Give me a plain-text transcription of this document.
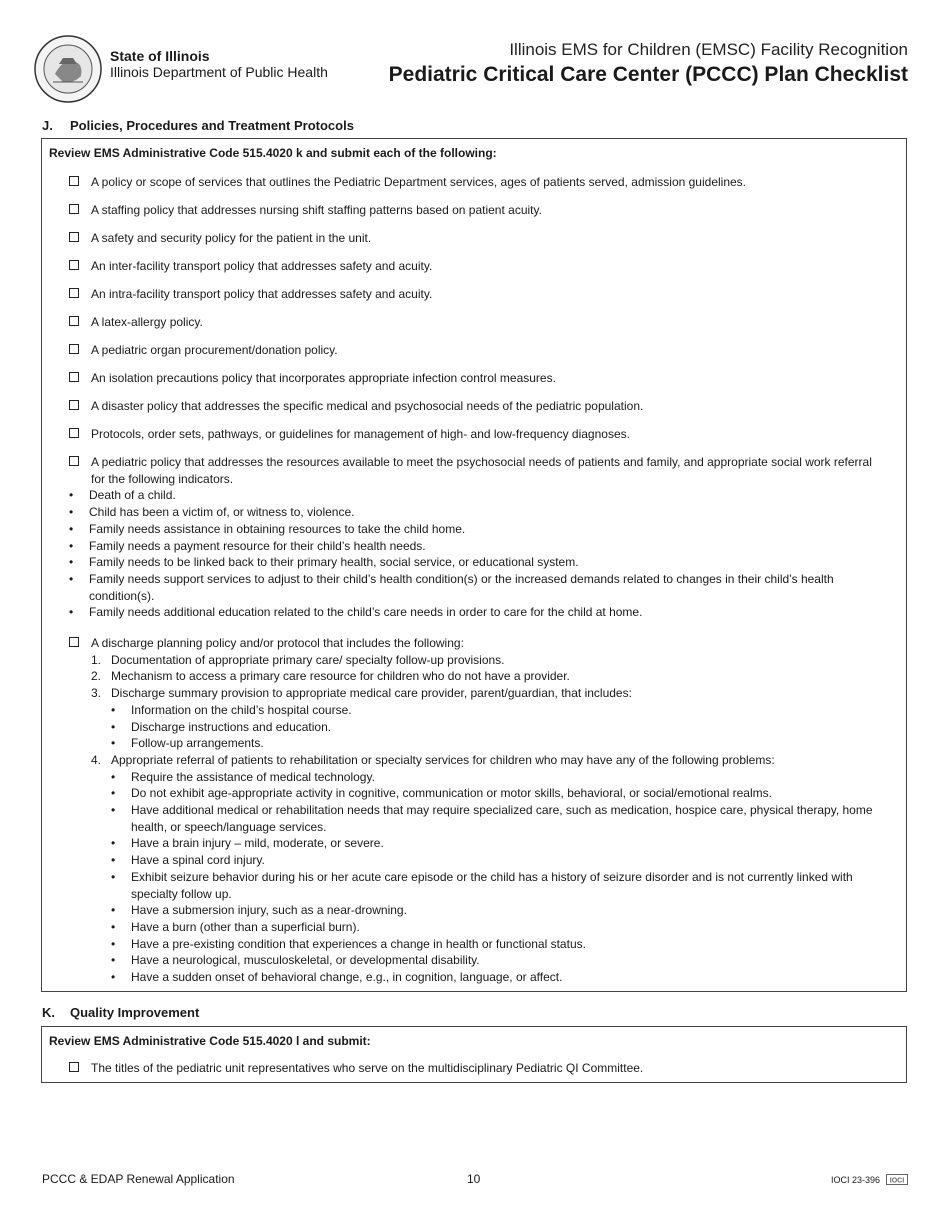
State of Illinois
Illinois Department of Public Health
Illinois EMS for Children (EMSC) Facility Recognition
Pediatric Critical Care Center (PCCC) Plan Checklist
J. Policies, Procedures and Treatment Protocols
Review EMS Administrative Code 515.4020 k and submit each of the following:
A policy or scope of services that outlines the Pediatric Department services, ages of patients served, admission guidelines.
A staffing policy that addresses nursing shift staffing patterns based on patient acuity.
A safety and security policy for the patient in the unit.
An inter-facility transport policy that addresses safety and acuity.
An intra-facility transport policy that addresses safety and acuity.
A latex-allergy policy.
A pediatric organ procurement/donation policy.
An isolation precautions policy that incorporates appropriate infection control measures.
A disaster policy that addresses the specific medical and psychosocial needs of the pediatric population.
Protocols, order sets, pathways, or guidelines for management of high- and low-frequency diagnoses.
A pediatric policy that addresses the resources available to meet the psychosocial needs of patients and family, and appropriate social work referral for the following indicators.
• Death of a child.
• Child has been a victim of, or witness to, violence.
• Family needs assistance in obtaining resources to take the child home.
• Family needs a payment resource for their child’s health needs.
• Family needs to be linked back to their primary health, social service, or educational system.
• Family needs support services to adjust to their child’s health condition(s) or the increased demands related to changes in their child’s health condition(s).
• Family needs additional education related to the child’s care needs in order to care for the child at home.
A discharge planning policy and/or protocol that includes the following:
1. Documentation of appropriate primary care/ specialty follow-up provisions.
2. Mechanism to access a primary care resource for children who do not have a provider.
3. Discharge summary provision to appropriate medical care provider, parent/guardian, that includes:
• Information on the child’s hospital course.
• Discharge instructions and education.
• Follow-up arrangements.
4. Appropriate referral of patients to rehabilitation or specialty services for children who may have any of the following problems:
• Require the assistance of medical technology.
• Do not exhibit age-appropriate activity in cognitive, communication or motor skills, behavioral, or social/emotional realms.
• Have additional medical or rehabilitation needs that may require specialized care, such as medication, hospice care, physical therapy, home health, or speech/language services.
• Have a brain injury – mild, moderate, or severe.
• Have a spinal cord injury.
• Exhibit seizure behavior during his or her acute care episode or the child has a history of seizure disorder and is not currently linked with specialty follow up.
• Have a submersion injury, such as a near-drowning.
• Have a burn (other than a superficial burn).
• Have a pre-existing condition that experiences a change in health or functional status.
• Have a neurological, musculoskeletal, or developmental disability.
• Have a sudden onset of behavioral change, e.g., in cognition, language, or affect.
K. Quality Improvement
Review EMS Administrative Code 515.4020 l and submit:
The titles of the pediatric unit representatives who serve on the multidisciplinary Pediatric QI Committee.
PCCC & EDAP Renewal Application	10	IOCI 23-396 IOCI
